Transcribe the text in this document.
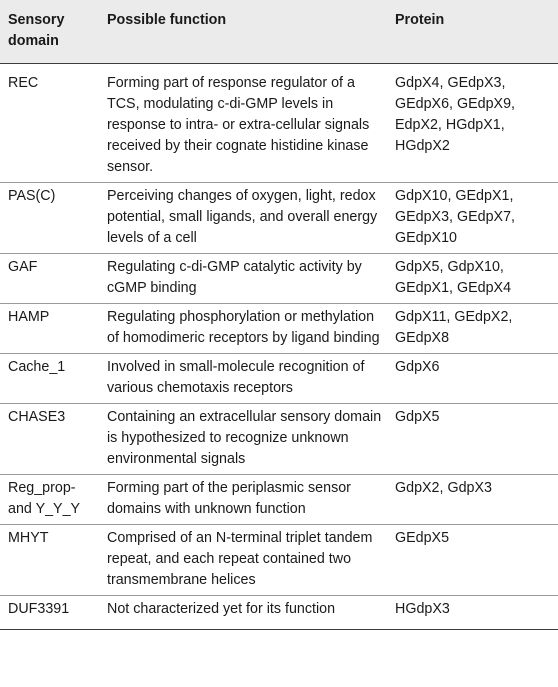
Sensory domain	Possible function	Protein
REC	Forming part of response regulator of a TCS, modulating c-di-GMP levels in response to intra- or extra-cellular signals received by their cognate histidine kinase sensor.	GdpX4, GEdpX3, GEdpX6, GEdpX9, EdpX2, HGdpX1, HGdpX2
PAS(C)	Perceiving changes of oxygen, light, redox potential, small ligands, and overall energy levels of a cell	GdpX10, GEdpX1, GEdpX3, GEdpX7, GEdpX10
GAF	Regulating c-di-GMP catalytic activity by cGMP binding	GdpX5, GdpX10, GEdpX1, GEdpX4
HAMP	Regulating phosphorylation or methylation of homodimeric receptors by ligand binding	GdpX11, GEdpX2, GEdpX8
Cache_1	Involved in small-molecule recognition of various chemotaxis receptors	GdpX6
CHASE3	Containing an extracellular sensory domain is hypothesized to recognize unknown environmental signals	GdpX5
Reg_prop- and Y_Y_Y	Forming part of the periplasmic sensor domains with unknown function	GdpX2, GdpX3
MHYT	Comprised of an N-terminal triplet tandem repeat, and each repeat contained two transmembrane helices	GEdpX5
DUF3391	Not characterized yet for its function	HGdpX3
